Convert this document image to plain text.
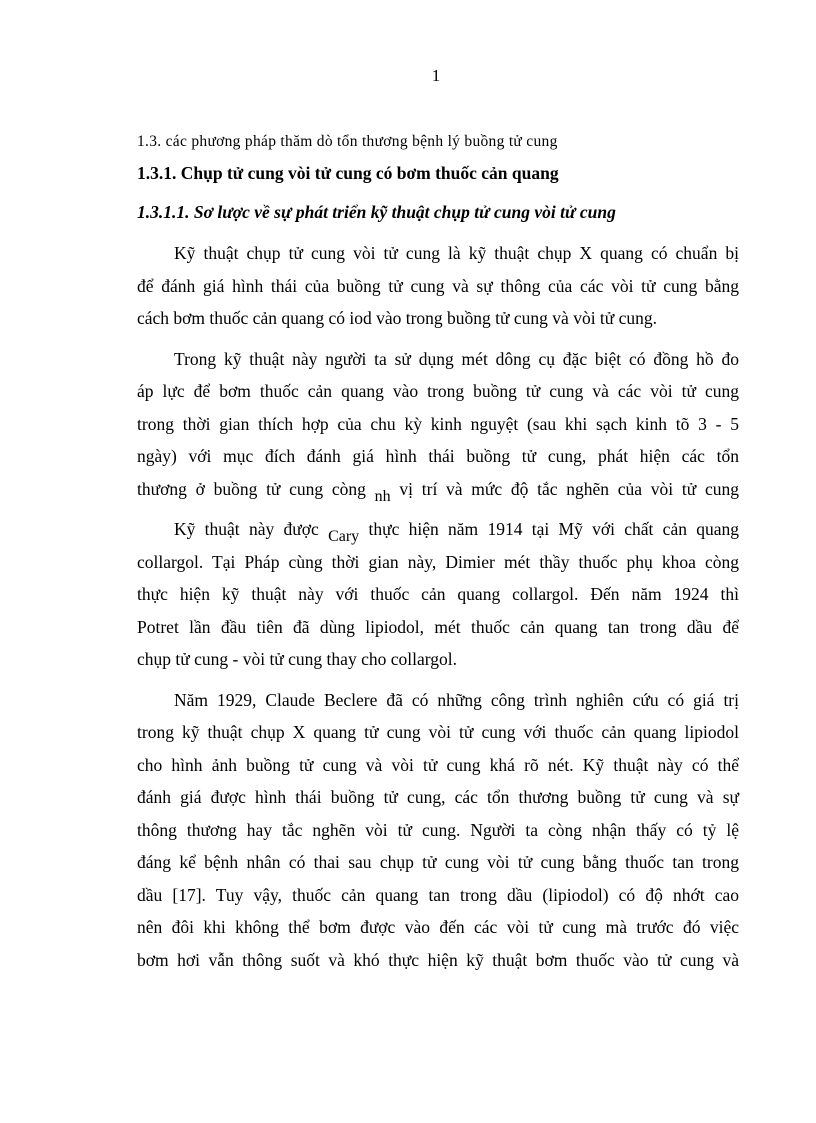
1

1.3. các phương pháp thăm dò tổn thương bệnh lý buồng tử cung

1.3.1. Chụp tử cung vòi tử cung có bơm thuốc cản quang

1.3.1.1. Sơ lược về sự phát triển kỹ thuật chụp tử cung vòi tử cung

Kỹ thuật chụp tử cung vòi tử cung là kỹ thuật chụp X quang có chuẩn bị
để đánh giá hình thái của buồng tử cung và sự thông của các vòi tử cung bằng
cách bơm thuốc cản quang có iod vào trong buồng tử cung và vòi tử cung.
Trong kỹ thuật này người ta sử dụng mét dông cụ đặc biệt có đồng hồ đo
áp lực để bơm thuốc cản quang vào trong buồng tử cung và các vòi tử cung
trong thời gian thích hợp của chu kỳ kinh nguyệt (sau khi sạch kinh tõ 3 - 5
ngày) với mục đích đánh giá hình thái buồng tử cung, phát hiện các tổn
thương ở buồng tử cung còng nh vị trí và mức độ tắc nghẽn của vòi tử cung
Kỹ thuật này được Cary thực hiện năm 1914 tại Mỹ với chất cản quang
collargol. Tại Pháp cùng thời gian này, Dimier mét thầy thuốc phụ khoa còng
thực hiện kỹ thuật này với thuốc cản quang collargol. Đến năm 1924 thì
Potret lần đầu tiên đã dùng lipiodol, mét thuốc cản quang tan trong dầu để
chụp tử cung - vòi tử cung thay cho collargol.
Năm 1929, Claude Beclere đã có những công trình nghiên cứu có giá trị
trong kỹ thuật chụp X quang tử cung vòi tử cung với thuốc cản quang lipiodol
cho hình ảnh buồng tử cung và vòi tử cung khá rõ nét. Kỹ thuật này có thể
đánh giá được hình thái buồng tử cung, các tổn thương buồng tử cung và sự
thông thương hay tắc nghẽn vòi tử cung. Người ta còng nhận thấy có tỷ lệ
đáng kể bệnh nhân có thai sau chụp tử cung vòi tử cung bằng thuốc tan trong
dầu [17]. Tuy vậy, thuốc cản quang tan trong dầu (lipiodol) có độ nhớt cao
nên đôi khi không thể bơm được vào đến các vòi tử cung mà trước đó việc
bơm hơi vẫn thông suốt và khó thực hiện kỹ thuật bơm thuốc vào tử cung và
